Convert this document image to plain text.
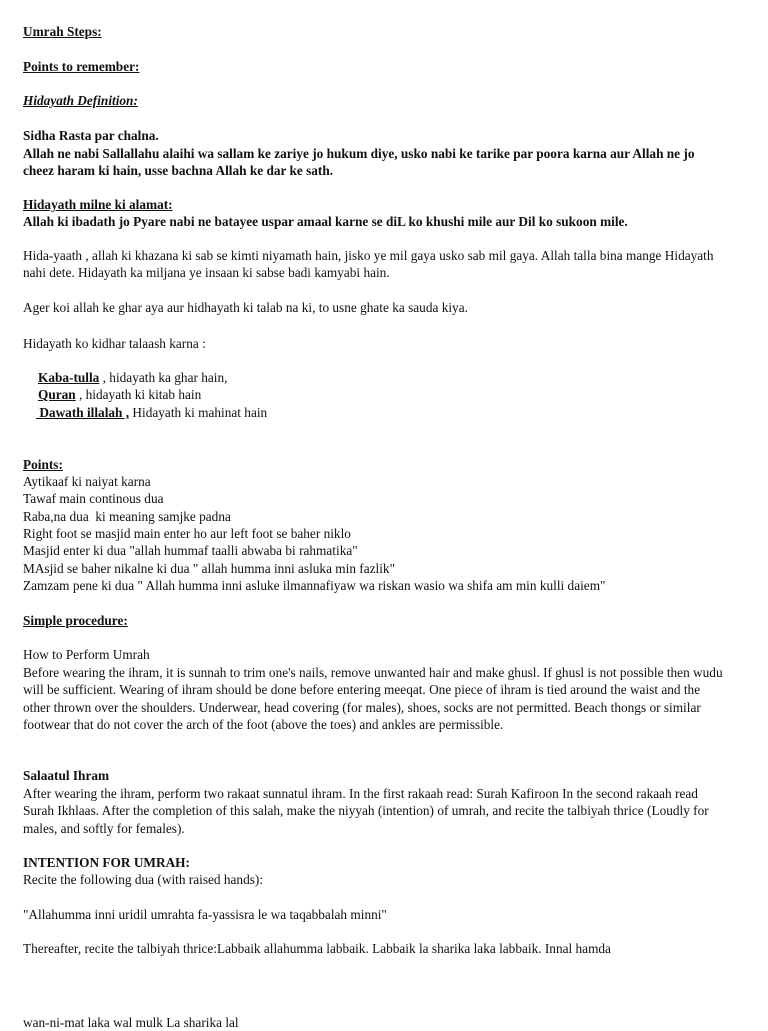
Umrah Steps:

Points to remember:

Hidayath Definition:

Sidha Rasta par chalna.

Allah ne nabi Sallallahu alaihi wa sallam ke zariye jo hukum diye, usko nabi ke tarike par poora karna aur Allah ne jo cheez haram ki hain, usse bachna Allah ke dar ke sath.

Hidayath milne ki alamat:

Allah ki ibadath jo Pyare nabi ne batayee uspar amaal karne se diL ko khushi mile aur Dil ko sukoon mile.

Hida-yaath , allah ki khazana ki sab se kimti niyamath hain, jisko ye mil gaya usko sab mil gaya. Allah talla bina mange Hidayath nahi dete. Hidayath ka miljana ye insaan ki sabse badi kamyabi hain.

Ager koi allah ke ghar aya aur hidhayath ki talab na ki, to usne ghate ka sauda kiya.

Hidayath ko kidhar talaash karna :

Kaba-tulla , hidayath ka ghar hain,

Quran , hidayath ki kitab hain

Dawath illalah , Hidayath ki mahinat hain

Points:

Aytikaaf ki naiyat karna

Tawaf main continous dua

Raba,na dua  ki meaning samjke padna

Right foot se masjid main enter ho aur left foot se baher niklo

Masjid enter ki dua "allah hummaf taalli abwaba bi rahmatika"

MAsjid se baher nikalne ki dua " allah humma inni asluka min fazlik"

Zamzam pene ki dua " Allah humma inni asluke ilmannafiyaw wa riskan wasio wa shifa am min kulli daiem"

Simple procedure:

How to Perform Umrah

Before wearing the ihram, it is sunnah to trim one's nails, remove unwanted hair and make ghusl. If ghusl is not possible then wudu will be sufficient. Wearing of ihram should be done before entering meeqat. One piece of ihram is tied around the waist and the other thrown over the shoulders. Underwear, head covering (for males), shoes, socks are not permitted. Beach thongs or similar footwear that do not cover the arch of the foot (above the toes) and ankles are permissible.

Salaatul Ihram

After wearing the ihram, perform two rakaat sunnatul ihram. In the first rakaah read: Surah Kafiroon In the second rakaah read Surah Ikhlaas. After the completion of this salah, make the niyyah (intention) of umrah, and recite the talbiyah thrice (Loudly for males, and softly for females).

INTENTION FOR UMRAH:

Recite the following dua (with raised hands):

"Allahumma inni uridil umrahta fa-yassisra le wa taqabbalah minni"

Thereafter, recite the talbiyah thrice:Labbaik allahumma labbaik. Labbaik la sharika laka labbaik. Innal hamda

wan-ni-mat laka wal mulk La sharika lal
